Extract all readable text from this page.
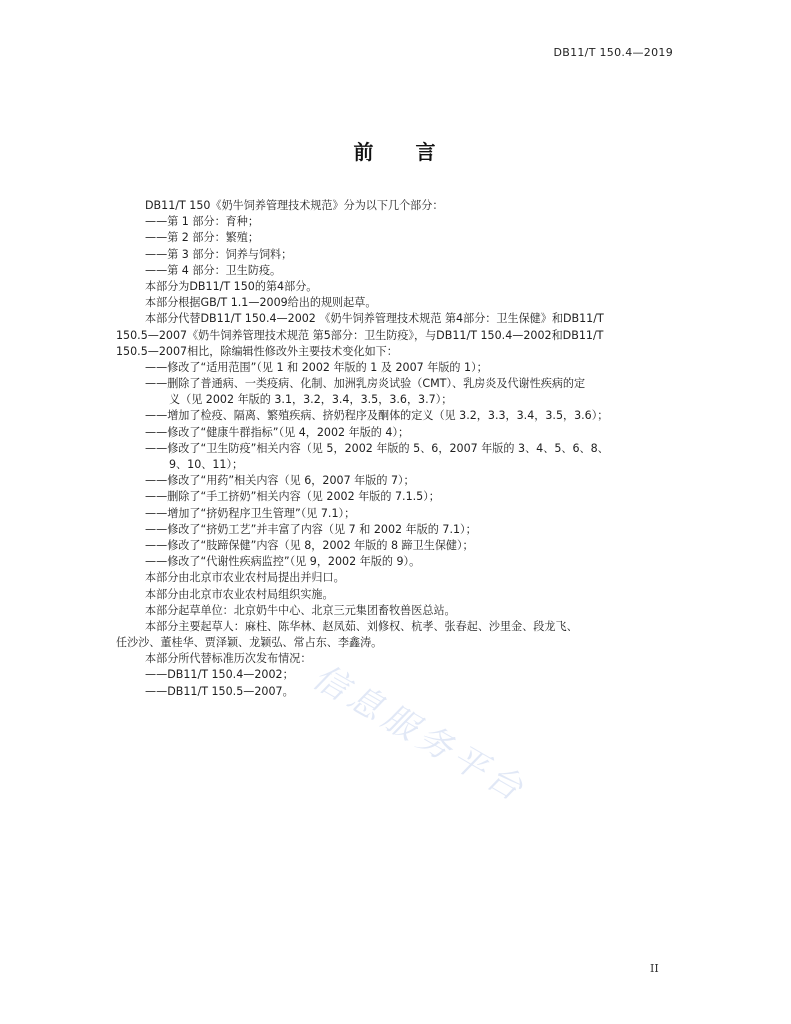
DB11/T 150.4—2019
前 言
信息服务平台
DB11/T 150《奶牛饲养管理技术规范》分为以下几个部分：
——第 1 部分：育种；
——第 2 部分：繁殖；
——第 3 部分：饲养与饲料；
——第 4 部分：卫生防疫。
本部分为DB11/T 150的第4部分。
本部分根据GB/T 1.1—2009给出的规则起草。
本部分代替DB11/T 150.4—2002 《奶牛饲养管理技术规范 第4部分：卫生保健》和DB11/T
150.5—2007《奶牛饲养管理技术规范 第5部分：卫生防疫》，与DB11/T 150.4—2002和DB11/T
150.5—2007相比，除编辑性修改外主要技术变化如下：
——修改了“适用范围”（见 1 和 2002 年版的 1 及 2007 年版的 1）；
——删除了普通病、一类疫病、化制、加洲乳房炎试验（CMT）、乳房炎及代谢性疾病的定
义（见 2002 年版的 3.1，3.2，3.4，3.5，3.6，3.7）；
——增加了检疫、隔离、繁殖疾病、挤奶程序及酮体的定义（见 3.2，3.3，3.4，3.5，3.6）；
——修改了“健康牛群指标”（见 4，2002 年版的 4）；
——修改了“卫生防疫”相关内容（见 5，2002 年版的 5、6，2007 年版的 3、4、5、6、8、
9、10、11）；
——修改了“用药”相关内容（见 6，2007 年版的 7）；
——删除了“手工挤奶”相关内容（见 2002 年版的 7.1.5）；
——增加了“挤奶程序卫生管理”（见 7.1）；
——修改了“挤奶工艺”并丰富了内容（见 7 和 2002 年版的 7.1）；
——修改了“肢蹄保健”内容（见 8，2002 年版的 8 蹄卫生保健）；
——修改了“代谢性疾病监控”（见 9，2002 年版的 9）。
本部分由北京市农业农村局提出并归口。
本部分由北京市农业农村局组织实施。
本部分起草单位：北京奶牛中心、北京三元集团畜牧兽医总站。
本部分主要起草人：麻柱、陈华林、赵凤茹、刘修权、杭孝、张春起、沙里金、段龙飞、
任沙沙、董桂华、贾泽颖、龙颖弘、常占东、李鑫涛。
本部分所代替标准历次发布情况：
——DB11/T 150.4—2002；
——DB11/T 150.5—2007。
II
